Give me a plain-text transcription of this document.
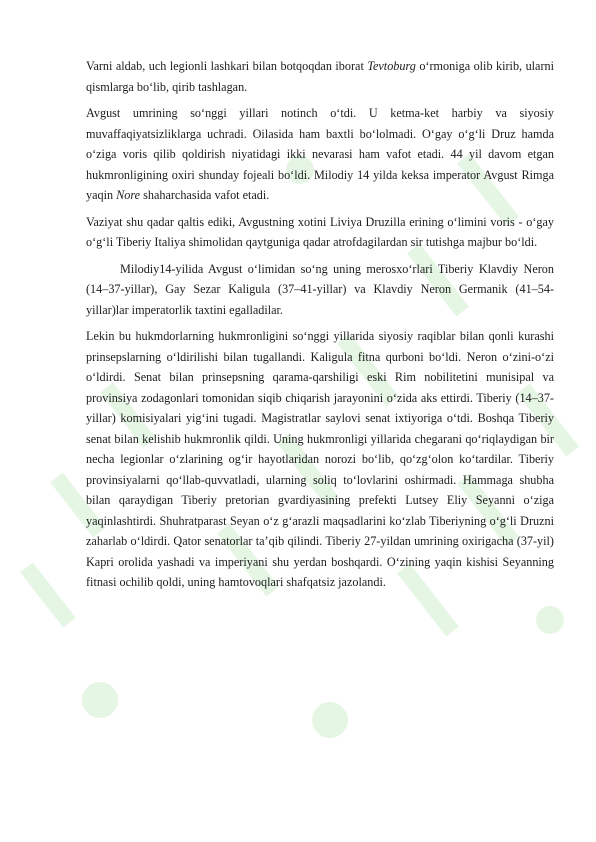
Varni aldab, uch legionli lashkari bilan botqoqdan iborat Tevtoburg o‘rmoniga olib kirib, ularni qismlarga bo‘lib, qirib tashlagan.

Avgust umrining so‘nggi yillari notinch o‘tdi. U ketma-ket harbiy va siyosiy muvaffaqiyatsizliklarga uchradi. Oilasida ham baxtli bo‘lolmadi. O‘gay o‘g‘li Druz hamda o‘ziga voris qilib qoldirish niyatidagi ikki nevarasi ham vafot etadi. 44 yil davom etgan hukmronligining oxiri shunday fojeali bo‘ldi. Milodiy 14 yilda keksa imperator Avgust Rimga yaqin Nore shaharchasida vafot etadi.

Vaziyat shu qadar qaltis ediki, Avgustning xotini Liviya Druzilla erining o‘limini voris - o‘gay o‘g‘li Tiberiy Italiya shimolidan qaytguniga qadar atrofdagilardan sir tutishga majbur bo‘ldi.

Milodiy14-yilida Avgust o‘limidan so‘ng uning merosxo‘rlari Tiberiy Klavdiy Neron (14–37-yillar), Gay Sezar Kaligula (37–41-yillar) va Klavdiy Neron Germanik (41–54- yillar)lar imperatorlik taxtini egalladilar.

Lekin bu hukmdorlarning hukmronligini so‘nggi yillarida siyosiy raqiblar bilan qonli kurashi prinsepslarning o‘ldirilishi bilan tugallandi. Kaligula fitna qurboni bo‘ldi. Neron o‘zini-o‘zi o‘ldirdi. Senat bilan prinsepsning qarama-qarshiligi eski Rim nobilitetini munisipal va provinsiya zodagonlari tomonidan siqib chiqarish jarayonini o‘zida aks ettirdi. Tiberiy (14–37-yillar) komisiyalari yig‘ini tugadi. Magistratlar saylovi senat ixtiyoriga o‘tdi. Boshqa Tiberiy senat bilan kelishib hukmronlik qildi. Uning hukmronligi yillarida chegarani qo‘riqlaydigan bir necha legionlar o‘zlarining og‘ir hayotlaridan norozi bo‘lib, qo‘zg‘olon ko‘tardilar. Tiberiy provinsiyalarni qo‘llab-quvvatladi, ularning soliq to‘lovlarini oshirmadi. Hammaga shubha bilan qaraydigan Tiberiy pretorian gvardiyasining prefekti Lutsey Eliy Seyanni o‘ziga yaqinlashtirdi. Shuhratparast Seyan o‘z g‘arazli maqsadlarini ko‘zlab Tiberiyning o‘g‘li Druzni zaharlab o‘ldirdi. Qator senatorlar ta’qib qilindi. Tiberiy 27-yildan umrining oxirigacha (37-yil) Kapri orolida yashadi va imperiyani shu yerdan boshqardi. O‘zining yaqin kishisi Seyanning fitnasi ochilib qoldi, uning hamtovoqlari shafqatsiz jazolandi.
